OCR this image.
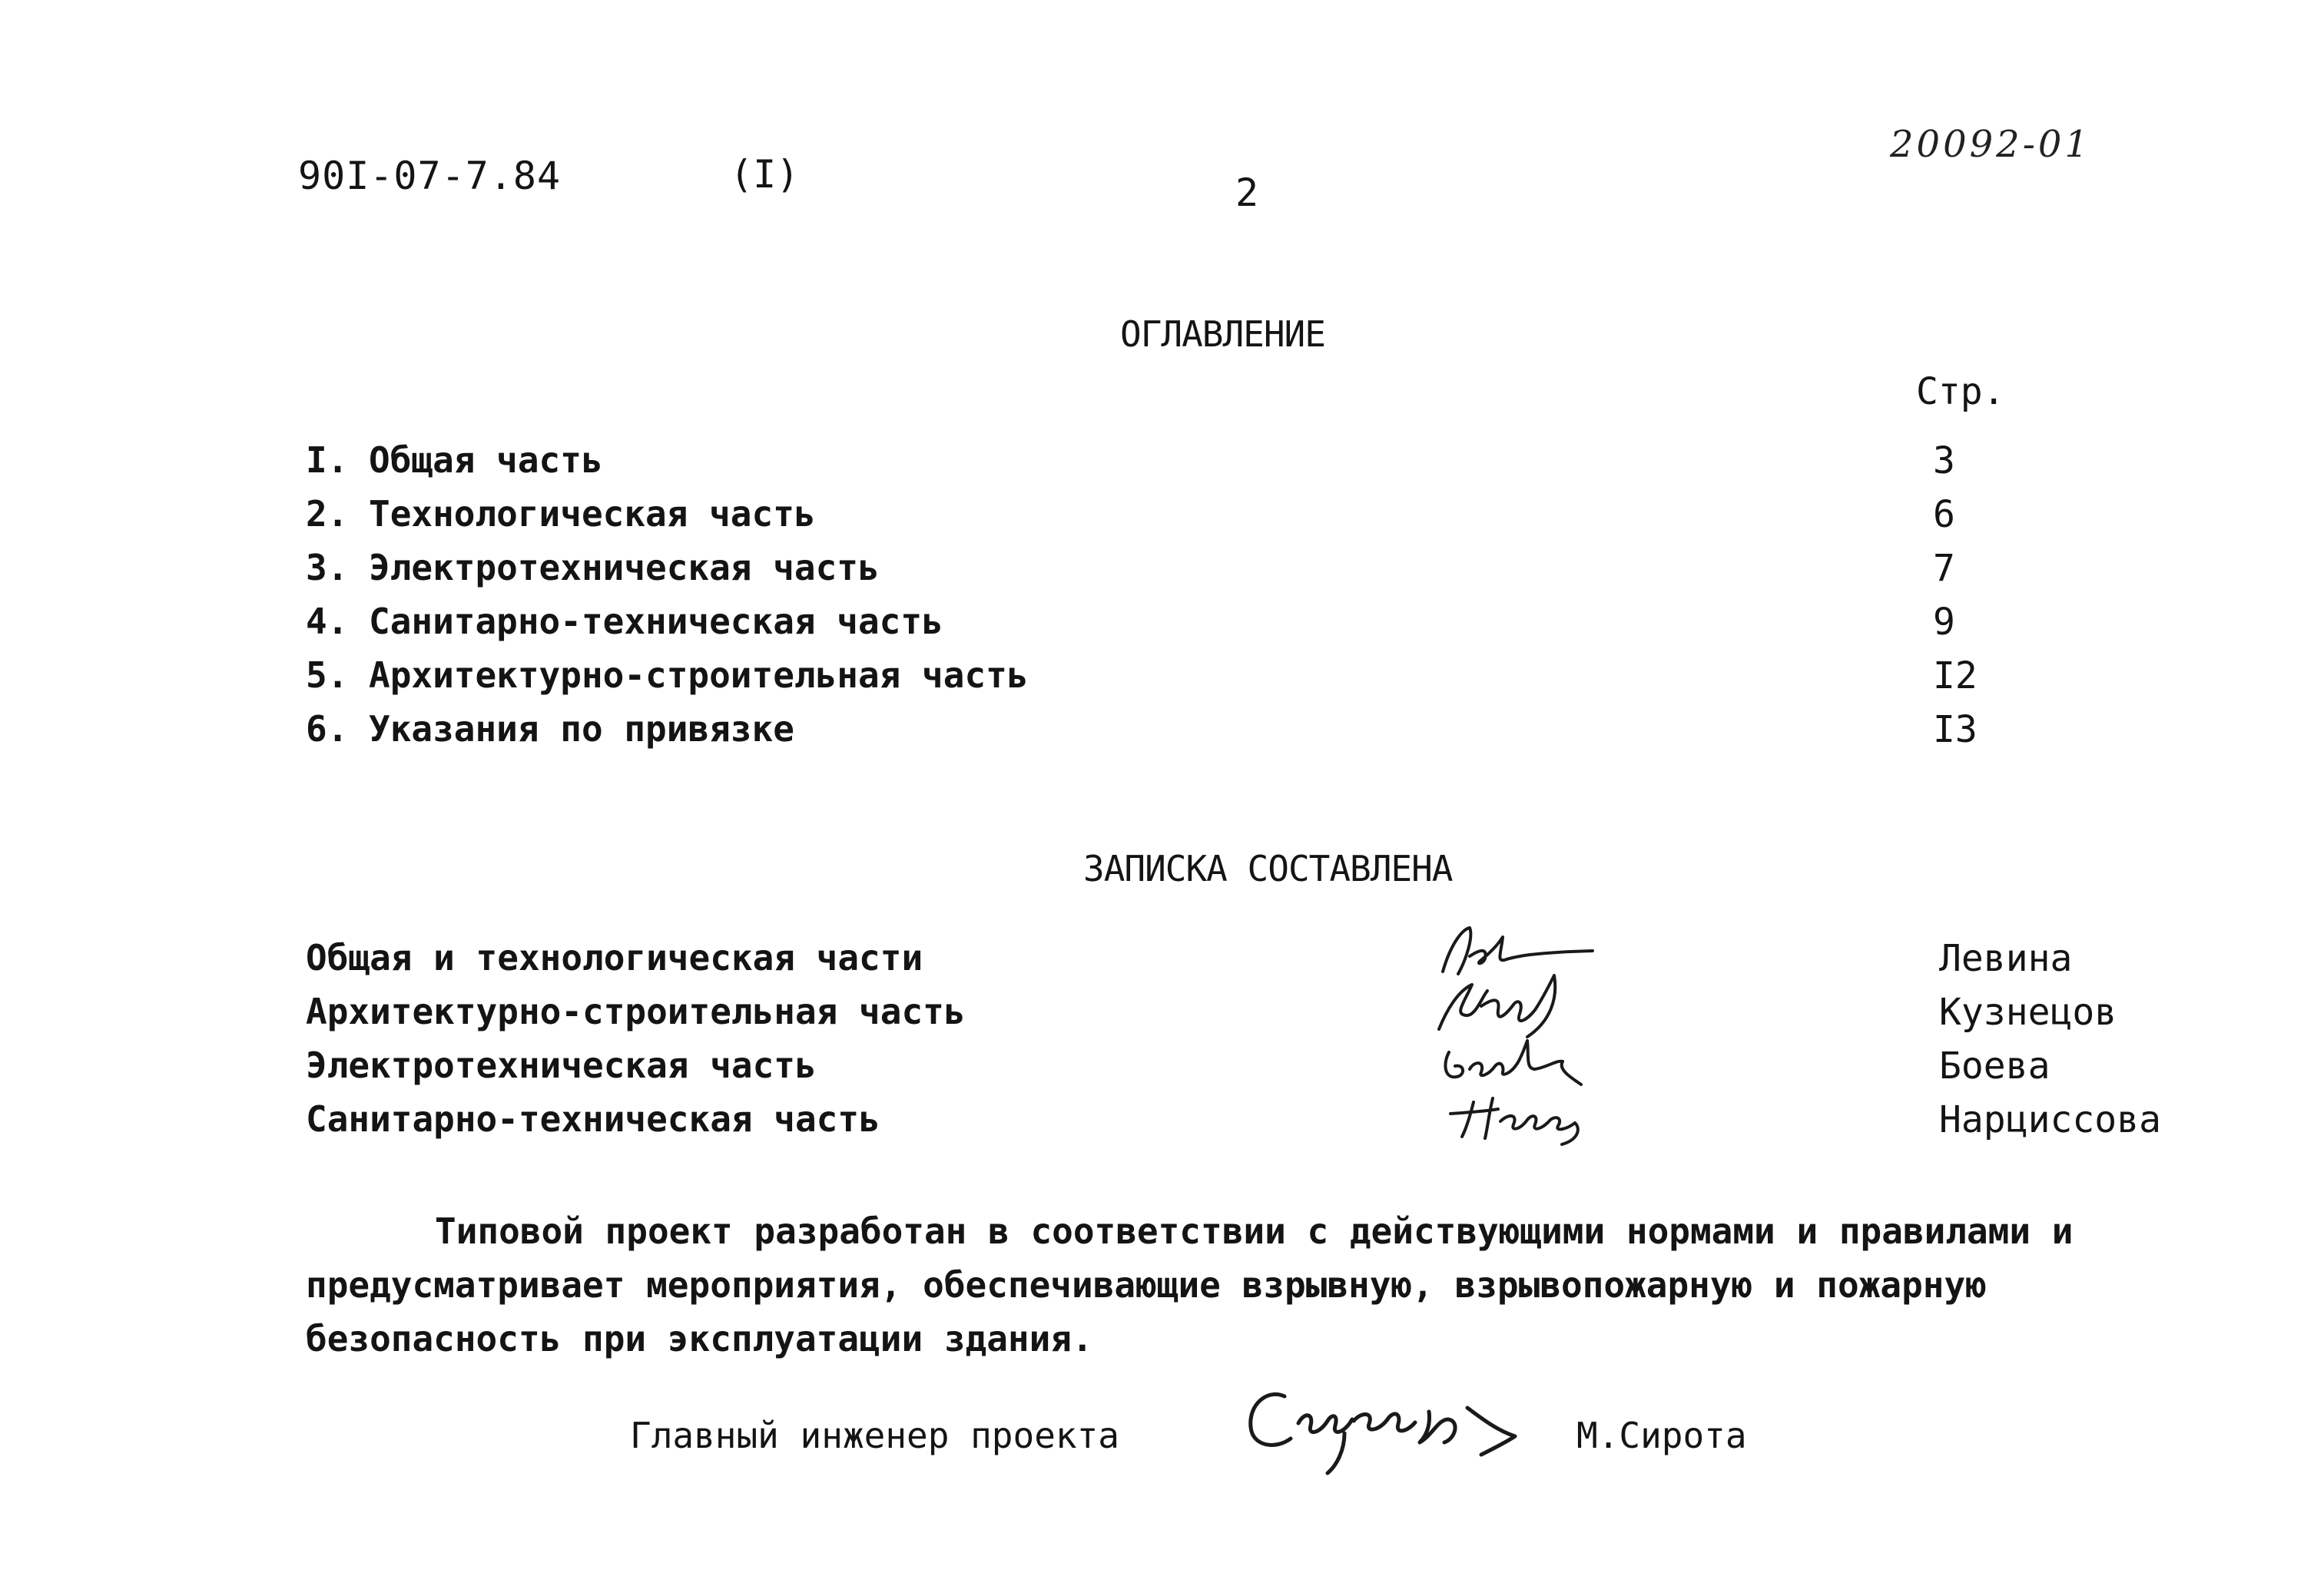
90I-07-7.84	(I)	2
20092-01
ОГЛАВЛЕНИЕ
Стр.
I. Общая часть	3
2. Технологическая часть	6
3. Электротехническая часть	7
4. Санитарно-техническая часть	9
5. Архитектурно-строительная часть	I2
6. Указания по привязке	I3
ЗАПИСКА СОСТАВЛЕНА
Общая и технологическая части	Левина
Архитектурно-строительная часть	Кузнецов
Электротехническая часть	Боева
Санитарно-техническая часть	Нарциссова
Типовой проект разработан в соответствии с действующими нормами и правилами и предусматривает мероприятия, обеспечивающие взрывную, взрывопожарную и пожарную безопасность при эксплуатации здания.
Главный инженер проекта	М.Сирота
